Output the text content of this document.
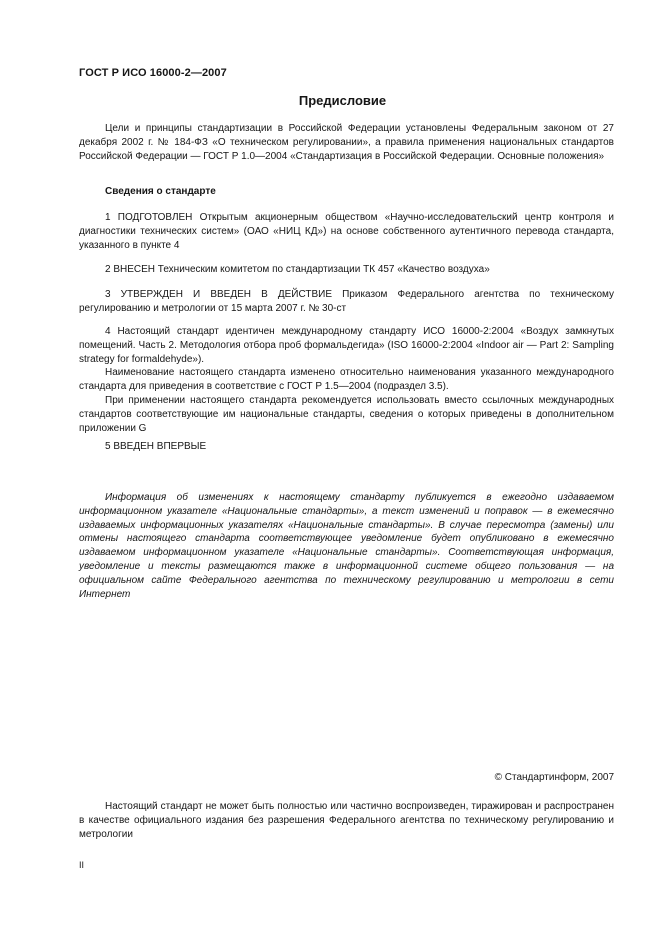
ГОСТ Р ИСО 16000-2—2007
Предисловие

Цели и принципы стандартизации в Российской Федерации установлены Федеральным законом от 27 декабря 2002 г. № 184-ФЗ «О техническом регулировании», а правила применения национальных стандартов Российской Федерации — ГОСТ Р 1.0—2004 «Стандартизация в Российской Федерации. Основные положения»

Сведения о стандарте

1 ПОДГОТОВЛЕН Открытым акционерным обществом «Научно-исследовательский центр контроля и диагностики технических систем» (ОАО «НИЦ КД») на основе собственного аутентичного перевода стандарта, указанного в пункте 4

2 ВНЕСЕН Техническим комитетом по стандартизации ТК 457 «Качество воздуха»

3 УТВЕРЖДЕН И ВВЕДЕН В ДЕЙСТВИЕ Приказом Федерального агентства по техническому регулированию и метрологии от 15 марта 2007 г. № 30-ст

4 Настоящий стандарт идентичен международному стандарту ИСО 16000-2:2004 «Воздух замкнутых помещений. Часть 2. Методология отбора проб формальдегида» (ISO 16000-2:2004 «Indoor air — Part 2: Sampling strategy for formaldehyde»).

Наименование настоящего стандарта изменено относительно наименования указанного международного стандарта для приведения в соответствие с ГОСТ Р 1.5—2004 (подраздел 3.5).

При применении настоящего стандарта рекомендуется использовать вместо ссылочных международных стандартов соответствующие им национальные стандарты, сведения о которых приведены в дополнительном приложении G

5 ВВЕДЕН ВПЕРВЫЕ

Информация об изменениях к настоящему стандарту публикуется в ежегодно издаваемом информационном указателе «Национальные стандарты», а текст изменений и поправок — в ежемесячно издаваемых информационных указателях «Национальные стандарты». В случае пересмотра (замены) или отмены настоящего стандарта соответствующее уведомление будет опубликовано в ежемесячно издаваемом информационном указателе «Национальные стандарты». Соответствующая информация, уведомление и тексты размещаются также в информационной системе общего пользования — на официальном сайте Федерального агентства по техническому регулированию и метрологии в сети Интернет

© Стандартинформ, 2007

Настоящий стандарт не может быть полностью или частично воспроизведен, тиражирован и распространен в качестве официального издания без разрешения Федерального агентства по техническому регулированию и метрологии

II
